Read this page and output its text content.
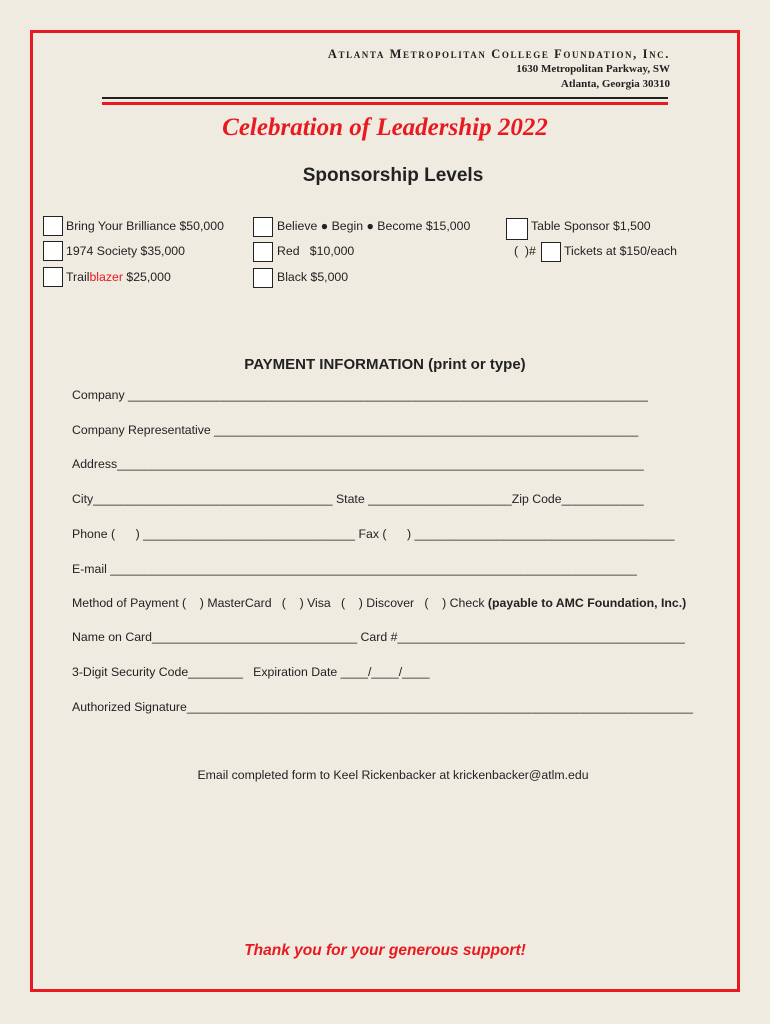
Atlanta Metropolitan College Foundation, Inc.
1630 Metropolitan Parkway, SW
Atlanta, Georgia 30310
Celebration of Leadership 2022
Sponsorship Levels
Bring Your Brilliance $50,000
1974 Society $35,000
Trailblazer $25,000
Believe ● Begin ● Become $15,000
Red   $10,000
Black $5,000
Table Sponsor $1,500
(  )# Tickets at $150/each
PAYMENT INFORMATION (print or type)
Company ____________________________________________________________________________
Company Representative ______________________________________________________________
Address_____________________________________________________________________________
City___________________________________ State _____________________Zip Code____________
Phone (      ) _______________________________ Fax (      ) ______________________________________
E-mail _____________________________________________________________________________
Method of Payment (    ) MasterCard   (    ) Visa   (    ) Discover   (    ) Check (payable to AMC Foundation, Inc.)
Name on Card______________________________ Card #__________________________________________
3-Digit Security Code________   Expiration Date ____/____/____
Authorized Signature__________________________________________________________________________
Email completed form to Keel Rickenbacker at krickenbacker@atlm.edu
Thank you for your generous support!
